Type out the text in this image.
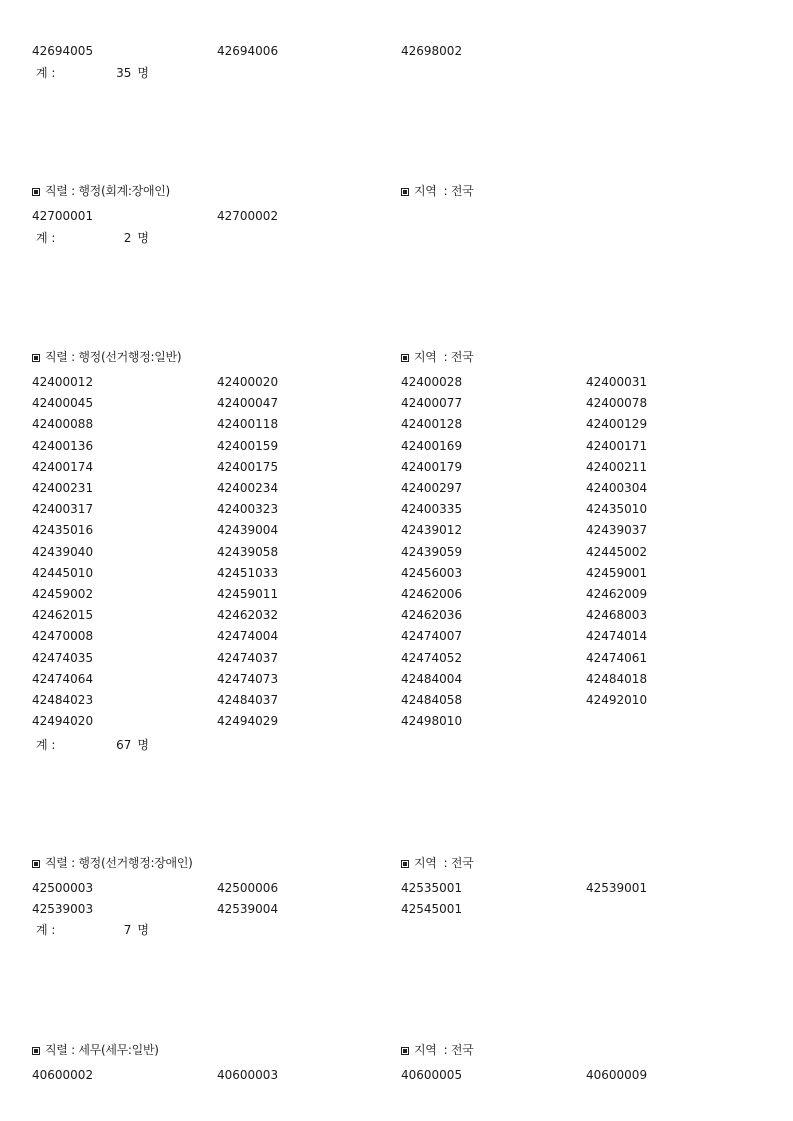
42694005	42694006	42698002
계 :	35 명
직렬 : 행정(회계:장애인)	지역  : 전국
42700001	42700002
계 :	2 명
직렬 : 행정(선거행정:일반)	지역  : 전국
42400012	42400020	42400028	42400031
42400045	42400047	42400077	42400078
42400088	42400118	42400128	42400129
42400136	42400159	42400169	42400171
42400174	42400175	42400179	42400211
42400231	42400234	42400297	42400304
42400317	42400323	42400335	42435010
42435016	42439004	42439012	42439037
42439040	42439058	42439059	42445002
42445010	42451033	42456003	42459001
42459002	42459011	42462006	42462009
42462015	42462032	42462036	42468003
42470008	42474004	42474007	42474014
42474035	42474037	42474052	42474061
42474064	42474073	42484004	42484018
42484023	42484037	42484058	42492010
42494020	42494029	42498010
계 :	67 명
직렬 : 행정(선거행정:장애인)	지역  : 전국
42500003	42500006	42535001	42539001
42539003	42539004	42545001
계 :	7 명
직렬 : 세무(세무:일반)	지역  : 전국
40600002	40600003	40600005	40600009
